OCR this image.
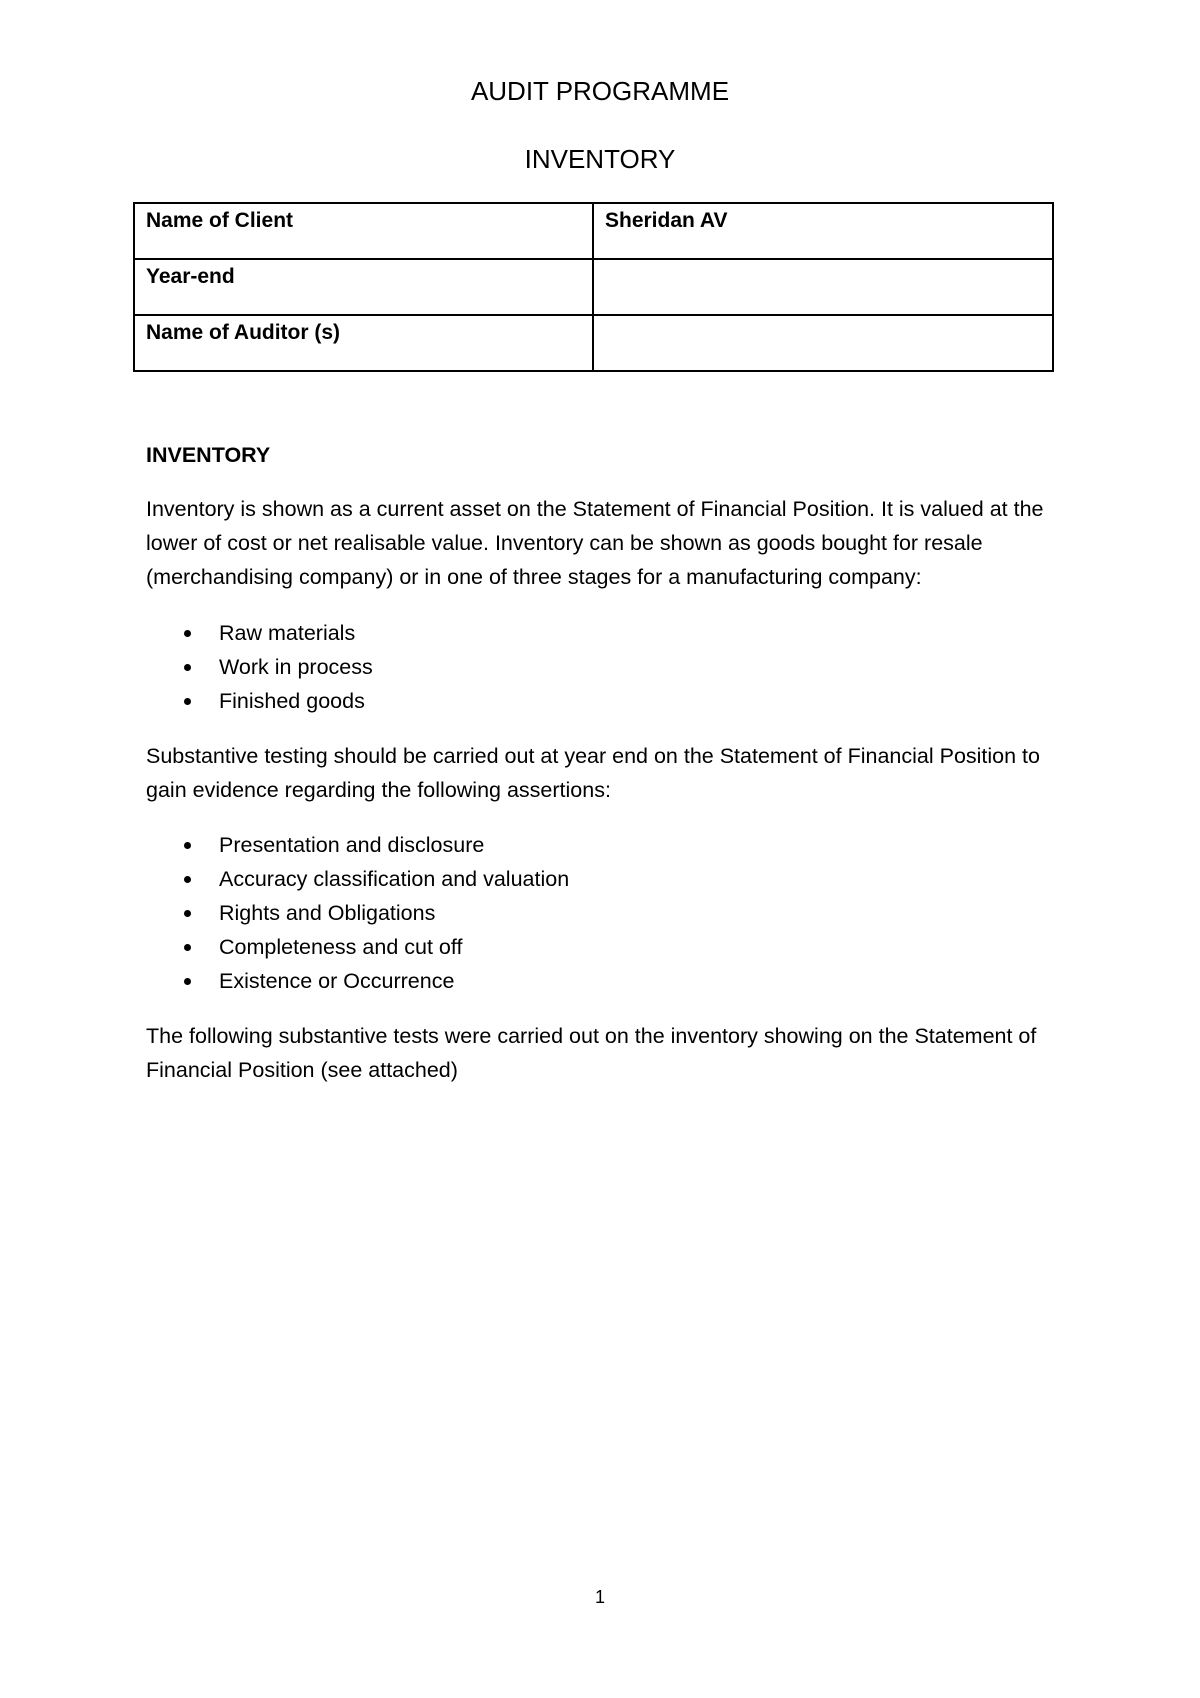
AUDIT PROGRAMME
INVENTORY
Name of Client	Sheridan AV
Year-end	
Name of Auditor (s)	
INVENTORY
Inventory is shown as a current asset on the Statement of Financial Position. It is valued at the lower of cost or net realisable value. Inventory can be shown as goods bought for resale (merchandising company) or in one of three stages for a manufacturing company:
Raw materials
Work in process
Finished goods
Substantive testing should be carried out at year end on the Statement of Financial Position to gain evidence regarding the following assertions:
Presentation and disclosure
Accuracy classification and valuation
Rights and Obligations
Completeness and cut off
Existence or Occurrence
The following substantive tests were carried out on the inventory showing on the Statement of Financial Position (see attached)
1
